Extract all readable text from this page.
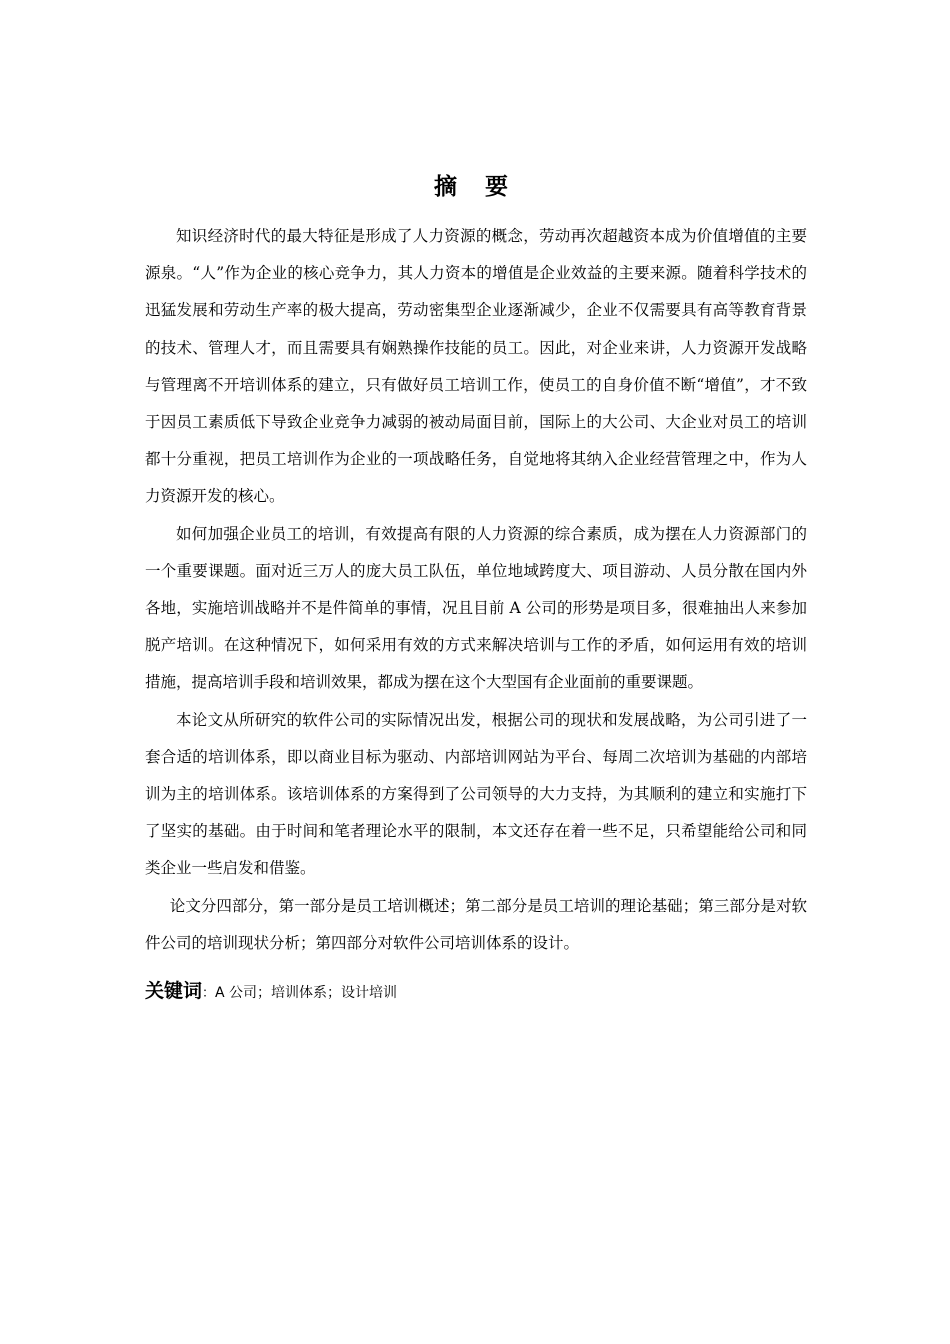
摘 要

知识经济时代的最大特征是形成了人力资源的概念，劳动再次超越资本成为价值增值的主要源泉。“人”作为企业的核心竞争力，其人力资本的增值是企业效益的主要来源。随着科学技术的迅猛发展和劳动生产率的极大提高，劳动密集型企业逐渐减少，企业不仅需要具有高等教育背景的技术、管理人才，而且需要具有娴熟操作技能的员工。因此，对企业来讲，人力资源开发战略与管理离不开培训体系的建立，只有做好员工培训工作，使员工的自身价值不断“增值”，才不致于因员工素质低下导致企业竞争力减弱的被动局面目前，国际上的大公司、大企业对员工的培训都十分重视，把员工培训作为企业的一项战略任务，自觉地将其纳入企业经营管理之中，作为人力资源开发的核心。

如何加强企业员工的培训，有效提高有限的人力资源的综合素质，成为摆在人力资源部门的一个重要课题。面对近三万人的庞大员工队伍，单位地域跨度大、项目游动、人员分散在国内外各地，实施培训战略并不是件简单的事情，况且目前 A 公司的形势是项目多，很难抽出人来参加脱产培训。在这种情况下，如何采用有效的方式来解决培训与工作的矛盾，如何运用有效的培训措施，提高培训手段和培训效果，都成为摆在这个大型国有企业面前的重要课题。

本论文从所研究的软件公司的实际情况出发，根据公司的现状和发展战略，为公司引进了一套合适的培训体系，即以商业目标为驱动、内部培训网站为平台、每周二次培训为基础的内部培训为主的培训体系。该培训体系的方案得到了公司领导的大力支持，为其顺利的建立和实施打下了坚实的基础。由于时间和笔者理论水平的限制，本文还存在着一些不足，只希望能给公司和同类企业一些启发和借鉴。

论文分四部分，第一部分是员工培训概述；第二部分是员工培训的理论基础；第三部分是对软件公司的培训现状分析；第四部分对软件公司培训体系的设计。

关键词：A 公司；培训体系；设计培训
